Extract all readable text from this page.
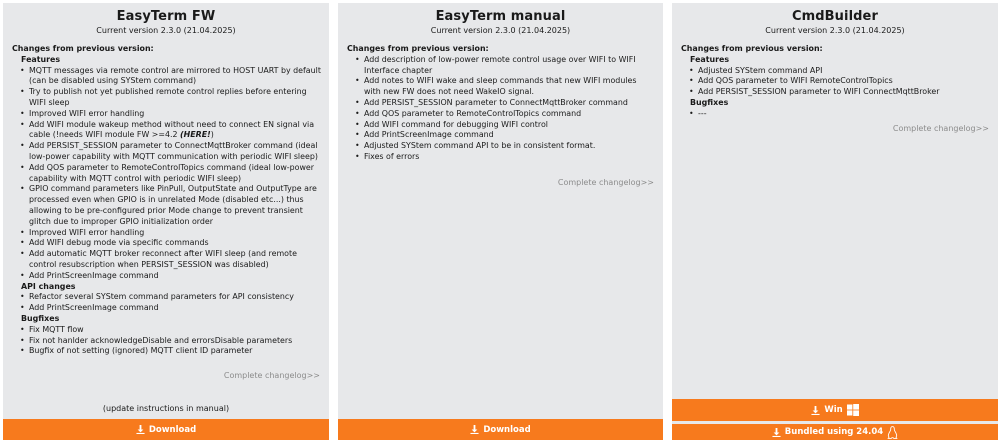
EasyTerm FW
Current version 2.3.0 (21.04.2025)
Changes from previous version:
Features
• MQTT messages via remote control are mirrored to HOST UART by default (can be disabled using SYStem command)
• Try to publish not yet published remote control replies before entering WIFI sleep
• Improved WIFI error handling
• Add WIFI module wakeup method without need to connect EN signal via cable (!needs WIFI module FW >=4.2 (HERE!)
• Add PERSIST_SESSION parameter to ConnectMqttBroker command (ideal low-power capability with MQTT communication with periodic WIFI sleep)
• Add QOS parameter to RemoteControlTopics command (ideal low-power capability with MQTT control with periodic WIFI sleep)
• GPIO command parameters like PinPull, OutputState and OutputType are processed even when GPIO is in unrelated Mode (disabled etc...) thus allowing to be pre-configured prior Mode change to prevent transient glitch due to improper GPIO initialization order
• Improved WIFI error handling
• Add WIFI debug mode via specific commands
• Add automatic MQTT broker reconnect after WIFI sleep (and remote control resubscription when PERSIST_SESSION was disabled)
• Add PrintScreenImage command
API changes
• Refactor several SYStem command parameters for API consistency
• Add PrintScreenImage command
Bugfixes
• Fix MQTT flow
• Fix not hanlder acknowledgeDisable and errorsDisable parameters
• Bugfix of not setting (ignored) MQTT client ID parameter
Complete changelog>>
(update instructions in manual)
Download
EasyTerm manual
Current version 2.3.0 (21.04.2025)
Changes from previous version:
• Add description of low-power remote control usage over WIFI to WIFI Interface chapter
• Add notes to WIFI wake and sleep commands that new WIFI modules with new FW does not need WakeIO signal.
• Add PERSIST_SESSION parameter to ConnectMqttBroker command
• Add QOS parameter to RemoteControlTopics command
• Add WIFI command for debugging WIFI control
• Add PrintScreenImage command
• Adjusted SYStem command API to be in consistent format.
• Fixes of errors
Complete changelog>>
Download
CmdBuilder
Current version 2.3.0 (21.04.2025)
Changes from previous version:
Features
• Adjusted SYStem command API
• Add QOS parameter to WIFI RemoteControlTopics
• Add PERSIST_SESSION parameter to WIFI ConnectMqttBroker
Bugfixes
• ---
Complete changelog>>
Win
Bundled using 24.04
